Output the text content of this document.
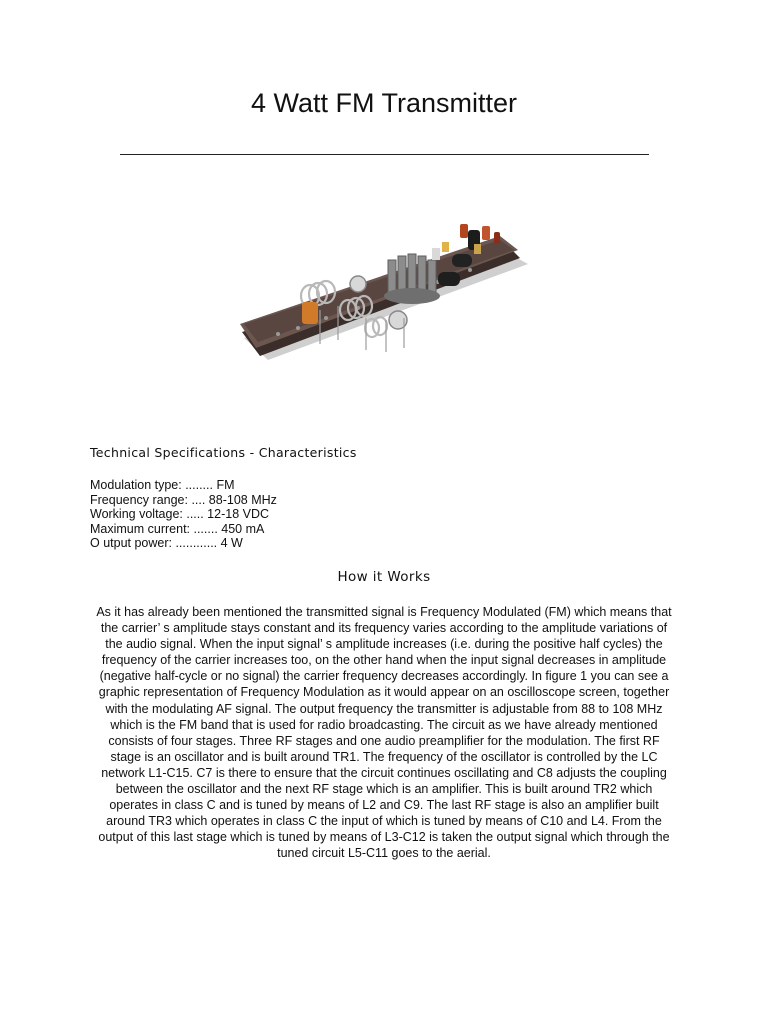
4 Watt FM Transmitter
Technical Specifications - Characteristics
Modulation type: ........ FM
Frequency range: .... 88-108 MHz
Working voltage: ..... 12-18 VDC
Maximum current: ....... 450 mA
O utput power: ............ 4 W
How it Works

As it has already been mentioned the transmitted signal is Frequency Modulated (FM) which means that the carrier’ s amplitude stays constant and its frequency varies according to the amplitude variations of the audio signal. When the input signal’ s amplitude increases (i.e. during the positive half cycles) the frequency of the carrier increases too, on the other hand when the input signal decreases in amplitude (negative half-cycle or no signal) the carrier frequency decreases accordingly. In figure 1 you can see a graphic representation of Frequency Modulation as it would appear on an oscilloscope screen, together with the modulating AF signal. The output frequency the transmitter is adjustable from 88 to 108 MHz which is the FM band that is used for radio broadcasting. The circuit as we have already mentioned consists of four stages. Three RF stages and one audio preamplifier for the modulation. The first RF stage is an oscillator and is built around TR1. The frequency of the oscillator is controlled by the LC network L1-C15. C7 is there to ensure that the circuit continues oscillating and C8 adjusts the coupling between the oscillator and the next RF stage which is an amplifier. This is built around TR2 which operates in class C and is tuned by means of L2 and C9. The last RF stage is also an amplifier built around TR3 which operates in class C the input of which is tuned by means of C10 and L4. From the output of this last stage which is tuned by means of L3-C12 is taken the output signal which through the tuned circuit L5-C11 goes to the aerial.
